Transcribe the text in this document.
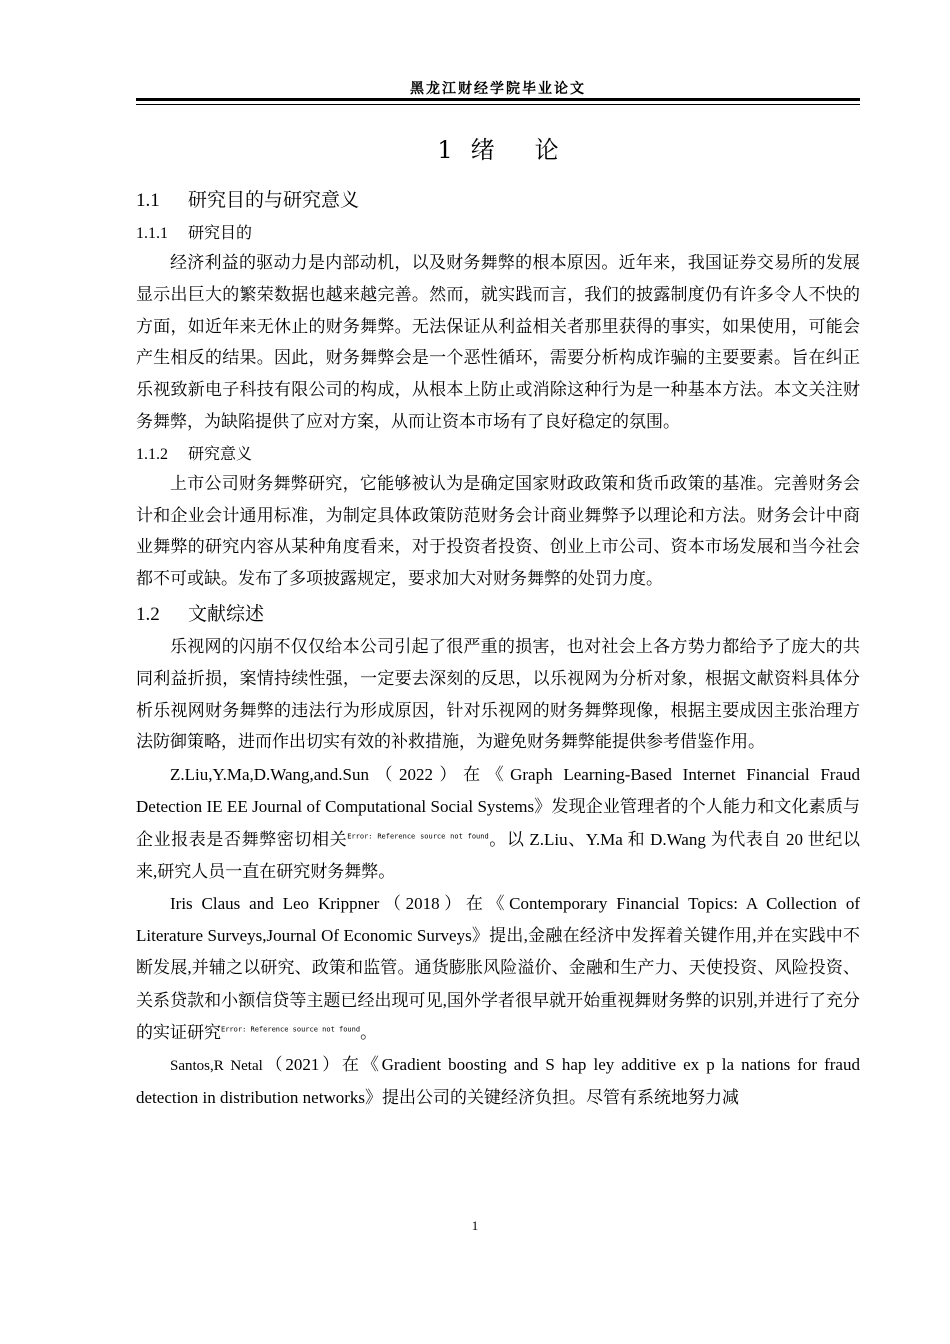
黑龙江财经学院毕业论文
1 绪论
1.1 研究目的与研究意义
1.1.1 研究目的

经济利益的驱动力是内部动机，以及财务舞弊的根本原因。近年来，我国证券交易所的发展显示出巨大的繁荣数据也越来越完善。然而，就实践而言，我们的披露制度仍有许多令人不快的方面，如近年来无休止的财务舞弊。无法保证从利益相关者那里获得的事实，如果使用，可能会产生相反的结果。因此，财务舞弊会是一个恶性循环，需要分析构成诈骗的主要要素。旨在纠正乐视致新电子科技有限公司的构成，从根本上防止或消除这种行为是一种基本方法。本文关注财务舞弊，为缺陷提供了应对方案，从而让资本市场有了良好稳定的氛围。

1.1.2 研究意义

上市公司财务舞弊研究，它能够被认为是确定国家财政政策和货币政策的基准。完善财务会计和企业会计通用标准，为制定具体政策防范财务会计商业舞弊予以理论和方法。财务会计中商业舞弊的研究内容从某种角度看来，对于投资者投资、创业上市公司、资本市场发展和当今社会都不可或缺。发布了多项披露规定，要求加大对财务舞弊的处罚力度。

1.2 文献综述

乐视网的闪崩不仅仅给本公司引起了很严重的损害，也对社会上各方势力都给予了庞大的共同利益折损，案情持续性强，一定要去深刻的反思，以乐视网为分析对象，根据文献资料具体分析乐视网财务舞弊的违法行为形成原因，针对乐视网的财务舞弊现像，根据主要成因主张治理方法防御策略，进而作出切实有效的补救措施，为避免财务舞弊能提供参考借鉴作用。

Z.Liu,Y.Ma,D.Wang,and.Sun（2022）在《Graph Learning-Based Internet Financial Fraud Detection IE EE Journal of Computational Social Systems》发现企业管理者的个人能力和文化素质与企业报表是否舞弊密切相关$^{Error: Reference source not found}$。以 Z.Liu、Y.Ma 和 D.Wang 为代表自 20 世纪以来,研究人员一直在研究财务舞弊。

Iris Claus and Leo Krippner（2018）在《Contemporary Financial Topics: A Collection of Literature Surveys,Journal Of Economic Surveys》提出,金融在经济中发挥着关键作用,并在实践中不断发展,并辅之以研究、政策和监管。通货膨胀风险溢价、金融和生产力、天使投资、风险投资、关系贷款和小额信贷等主题已经出现可见,国外学者很早就开始重视舞财务弊的识别,并进行了充分的实证研究$^{Error: Reference source not found}$。

Santos,R Netal（2021）在《Gradient boosting and S hap ley additive ex p la nations for fraud detection in distribution networks》提出公司的关键经济负担。尽管有系统地努力减

1
